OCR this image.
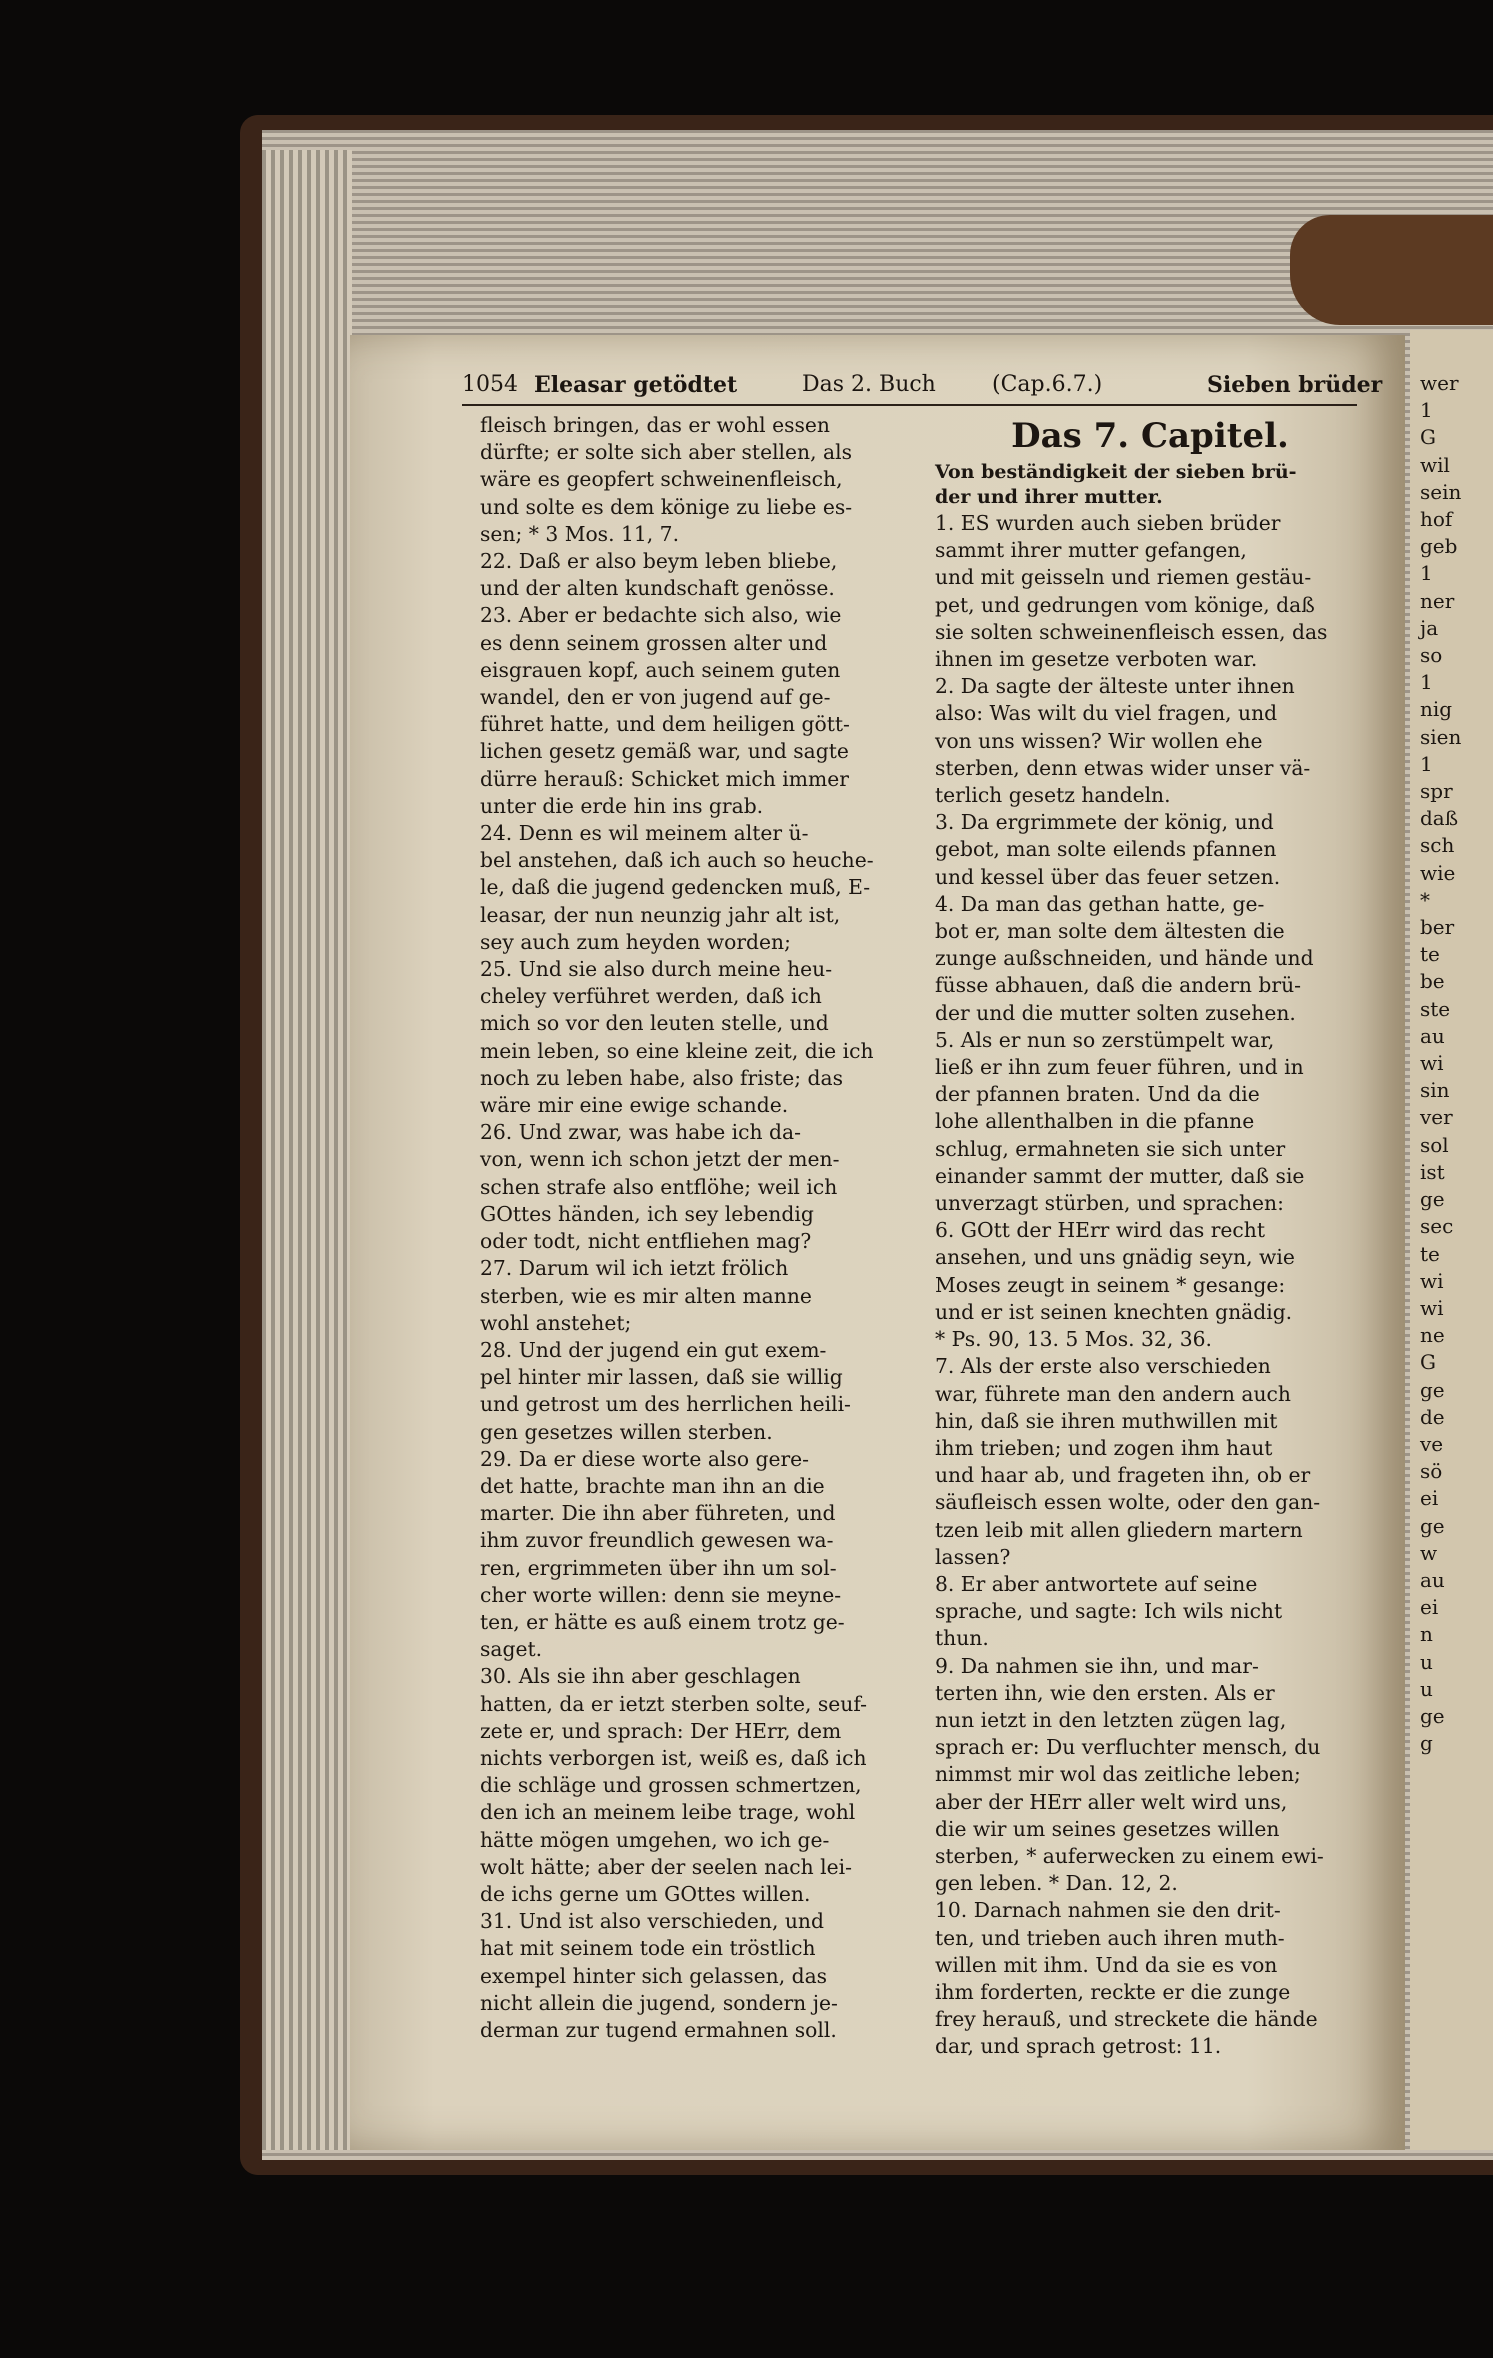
1054 Eleasar getödtet	Das 2. Buch	(Cap.6.7.)	Sieben brüder

fleisch bringen, das er wohl essen

dürfte; er solte sich aber stellen, als

wäre es geopfert schweinenfleisch,

und solte es dem könige zu liebe es-

sen; * 3 Mos. 11, 7.

22. Daß er also beym leben bliebe,

und der alten kundschaft genösse.

23. Aber er bedachte sich also, wie

es denn seinem grossen alter und

eisgrauen kopf, auch seinem guten

wandel, den er von jugend auf ge-

führet hatte, und dem heiligen gött-

lichen gesetz gemäß war, und sagte

dürre herauß: Schicket mich immer

unter die erde hin ins grab.

24. Denn es wil meinem alter ü-

bel anstehen, daß ich auch so heuche-

le, daß die jugend gedencken muß, E-

leasar, der nun neunzig jahr alt ist,

sey auch zum heyden worden;

25. Und sie also durch meine heu-

cheley verführet werden, daß ich

mich so vor den leuten stelle, und

mein leben, so eine kleine zeit, die ich

noch zu leben habe, also friste; das

wäre mir eine ewige schande.

26. Und zwar, was habe ich da-

von, wenn ich schon jetzt der men-

schen strafe also entflöhe; weil ich

GOttes händen, ich sey lebendig

oder todt, nicht entfliehen mag?

27. Darum wil ich ietzt frölich

sterben, wie es mir alten manne

wohl anstehet;

28. Und der jugend ein gut exem-

pel hinter mir lassen, daß sie willig

und getrost um des herrlichen heili-

gen gesetzes willen sterben.

29. Da er diese worte also gere-

det hatte, brachte man ihn an die

marter. Die ihn aber führeten, und

ihm zuvor freundlich gewesen wa-

ren, ergrimmeten über ihn um sol-

cher worte willen: denn sie meyne-

ten, er hätte es auß einem trotz ge-

saget.

30. Als sie ihn aber geschlagen

hatten, da er ietzt sterben solte, seuf-

zete er, und sprach: Der HErr, dem

nichts verborgen ist, weiß es, daß ich

die schläge und grossen schmertzen,

den ich an meinem leibe trage, wohl

hätte mögen umgehen, wo ich ge-

wolt hätte; aber der seelen nach lei-

de ichs gerne um GOttes willen.

31. Und ist also verschieden, und

hat mit seinem tode ein tröstlich

exempel hinter sich gelassen, das

nicht allein die jugend, sondern je-

derman zur tugend ermahnen soll.

Das 7. Capitel.

Von beständigkeit der sieben brü-

der und ihrer mutter.

1. ES wurden auch sieben brüder

sammt ihrer mutter gefangen,

und mit geisseln und riemen gestäu-

pet, und gedrungen vom könige, daß

sie solten schweinenfleisch essen, das

ihnen im gesetze verboten war.

2. Da sagte der älteste unter ihnen

also: Was wilt du viel fragen, und

von uns wissen? Wir wollen ehe

sterben, denn etwas wider unser vä-

terlich gesetz handeln.

3. Da ergrimmete der könig, und

gebot, man solte eilends pfannen

und kessel über das feuer setzen.

4. Da man das gethan hatte, ge-

bot er, man solte dem ältesten die

zunge außschneiden, und hände und

füsse abhauen, daß die andern brü-

der und die mutter solten zusehen.

5. Als er nun so zerstümpelt war,

ließ er ihn zum feuer führen, und in

der pfannen braten. Und da die

lohe allenthalben in die pfanne

schlug, ermahneten sie sich unter

einander sammt der mutter, daß sie

unverzagt stürben, und sprachen:

6. GOtt der HErr wird das recht

ansehen, und uns gnädig seyn, wie

Moses zeugt in seinem * gesange:

und er ist seinen knechten gnädig.

* Ps. 90, 13. 5 Mos. 32, 36.

7. Als der erste also verschieden

war, führete man den andern auch

hin, daß sie ihren muthwillen mit

ihm trieben; und zogen ihm haut

und haar ab, und frageten ihn, ob er

säufleisch essen wolte, oder den gan-

tzen leib mit allen gliedern martern

lassen?

8. Er aber antwortete auf seine

sprache, und sagte: Ich wils nicht

thun.

9. Da nahmen sie ihn, und mar-

terten ihn, wie den ersten. Als er

nun ietzt in den letzten zügen lag,

sprach er: Du verfluchter mensch, du

nimmst mir wol das zeitliche leben;

aber der HErr aller welt wird uns,

die wir um seines gesetzes willen

sterben, * auferwecken zu einem ewi-

gen leben. * Dan. 12, 2.

10. Darnach nahmen sie den drit-

ten, und trieben auch ihren muth-

willen mit ihm. Und da sie es von

ihm forderten, reckte er die zunge

frey herauß, und streckete die hände

dar, und sprach getrost: 11.

wer

1

G

wil

sein

hof

geb

1

ner

ja

so

1

nig

sien

1

spr

daß

sch

wie

*

ber

te

be

ste

au

wi

sin

ver

sol

ist

ge

sec

te

wi

wi

ne

G

ge

de

ve

sö

ei

ge

w

au

ei

n

u

u

ge

g
